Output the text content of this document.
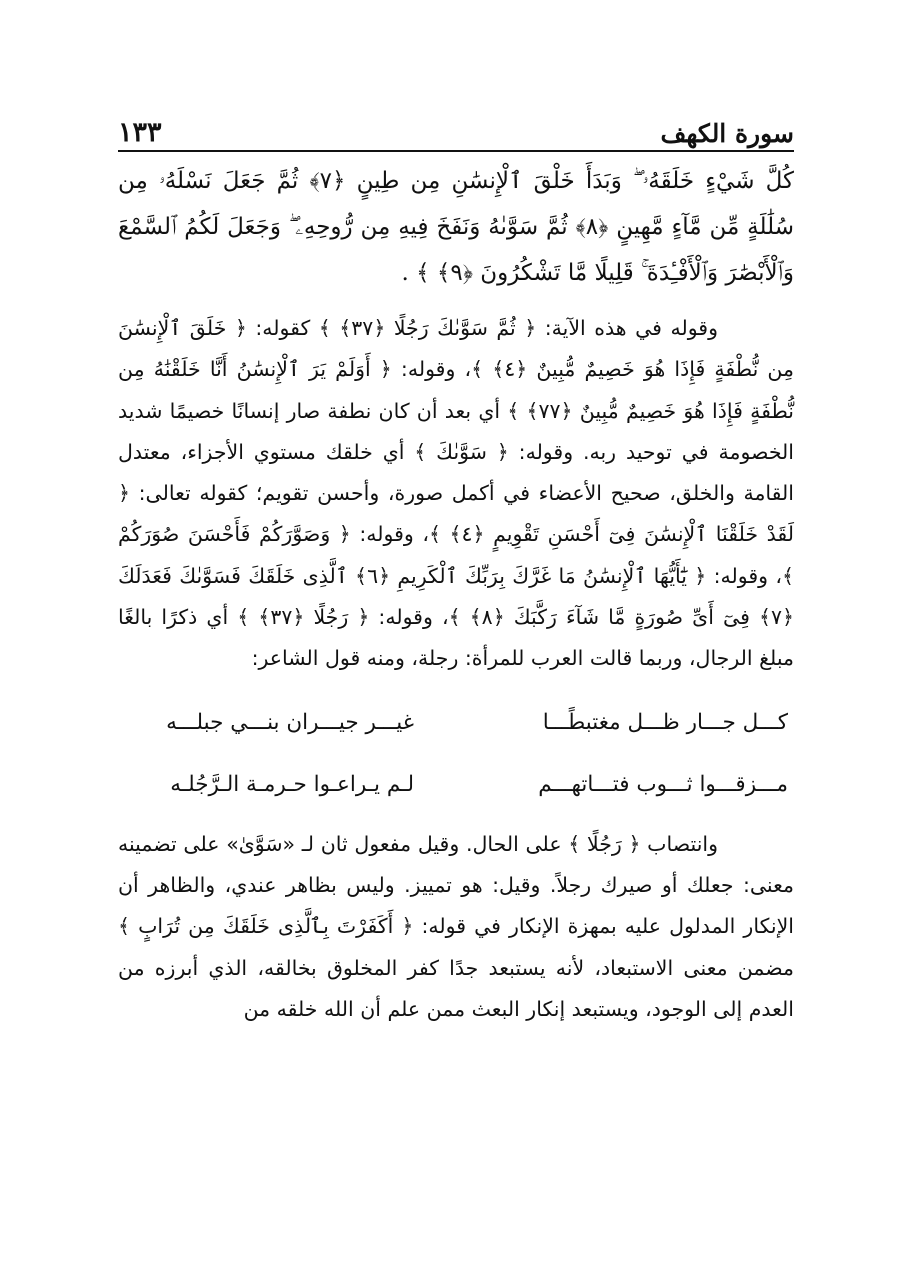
سورة الكهف
١٣٣
كُلَّ شَيْءٍ خَلَقَهُۥ ۖ وَبَدَأَ خَلْقَ ٱلْإِنسَٰنِ مِن طِينٍ ﴿٧﴾ ثُمَّ جَعَلَ نَسْلَهُۥ مِن سُلَٰلَةٍ مِّن مَّآءٍ مَّهِينٍ ﴿٨﴾ ثُمَّ سَوَّىٰهُ وَنَفَخَ فِيهِ مِن رُّوحِهِۦ ۖ وَجَعَلَ لَكُمُ ٱلسَّمْعَ وَٱلْأَبْصَٰرَ وَٱلْأَفْـِٔدَةَ ۚ قَلِيلًا مَّا تَشْكُرُونَ ﴿٩﴾ ﴾ .

وقوله في هذه الآية: ﴿ ثُمَّ سَوَّىٰكَ رَجُلًا ﴿٣٧﴾ ﴾ كقوله: ﴿ خَلَقَ ٱلْإِنسَٰنَ مِن نُّطْفَةٍ فَإِذَا هُوَ خَصِيمٌ مُّبِينٌ ﴿٤﴾ ﴾، وقوله: ﴿ أَوَلَمْ يَرَ ٱلْإِنسَٰنُ أَنَّا خَلَقْنَٰهُ مِن نُّطْفَةٍ فَإِذَا هُوَ خَصِيمٌ مُّبِينٌ ﴿٧٧﴾ ﴾ أي بعد أن كان نطفة صار إنسانًا خصيمًا شديد الخصومة في توحيد ربه. وقوله: ﴿ سَوَّىٰكَ ﴾ أي خلقك مستوي الأجزاء، معتدل القامة والخلق، صحيح الأعضاء في أكمل صورة، وأحسن تقويم؛ كقوله تعالى: ﴿ لَقَدْ خَلَقْنَا ٱلْإِنسَٰنَ فِىٓ أَحْسَنِ تَقْوِيمٍ ﴿٤﴾ ﴾، وقوله: ﴿ وَصَوَّرَكُمْ فَأَحْسَنَ صُوَرَكُمْ ﴾، وقوله: ﴿ يَٰٓأَيُّهَا ٱلْإِنسَٰنُ مَا غَرَّكَ بِرَبِّكَ ٱلْكَرِيمِ ﴿٦﴾ ٱلَّذِى خَلَقَكَ فَسَوَّىٰكَ فَعَدَلَكَ ﴿٧﴾ فِىٓ أَىِّ صُورَةٍ مَّا شَآءَ رَكَّبَكَ ﴿٨﴾ ﴾، وقوله: ﴿ رَجُلًا ﴿٣٧﴾ ﴾ أي ذكرًا بالغًا مبلغ الرجال، وربما قالت العرب للمرأة: رجلة، ومنه قول الشاعر:

كـــل جـــار ظـــل مغتبطًـــا
غيـــر جيـــران بنـــي جبلـــه
مـــزقـــوا ثـــوب فتـــاتهـــم
لـم يـراعـوا حـرمـة الـرَّجُلـه

وانتصاب ﴿ رَجُلًا ﴾ على الحال. وقيل مفعول ثان لـ «سَوَّىٰ» على تضمينه معنى: جعلك أو صيرك رجلاً. وقيل: هو تمييز. وليس بظاهر عندي، والظاهر أن الإنكار المدلول عليه بمهزة الإنكار في قوله: ﴿ أَكَفَرْتَ بِٱلَّذِى خَلَقَكَ مِن تُرَابٍ ﴾ مضمن معنى الاستبعاد، لأنه يستبعد جدًا كفر المخلوق بخالقه، الذي أبرزه من العدم إلى الوجود، ويستبعد إنكار البعث ممن علم أن الله خلقه من
